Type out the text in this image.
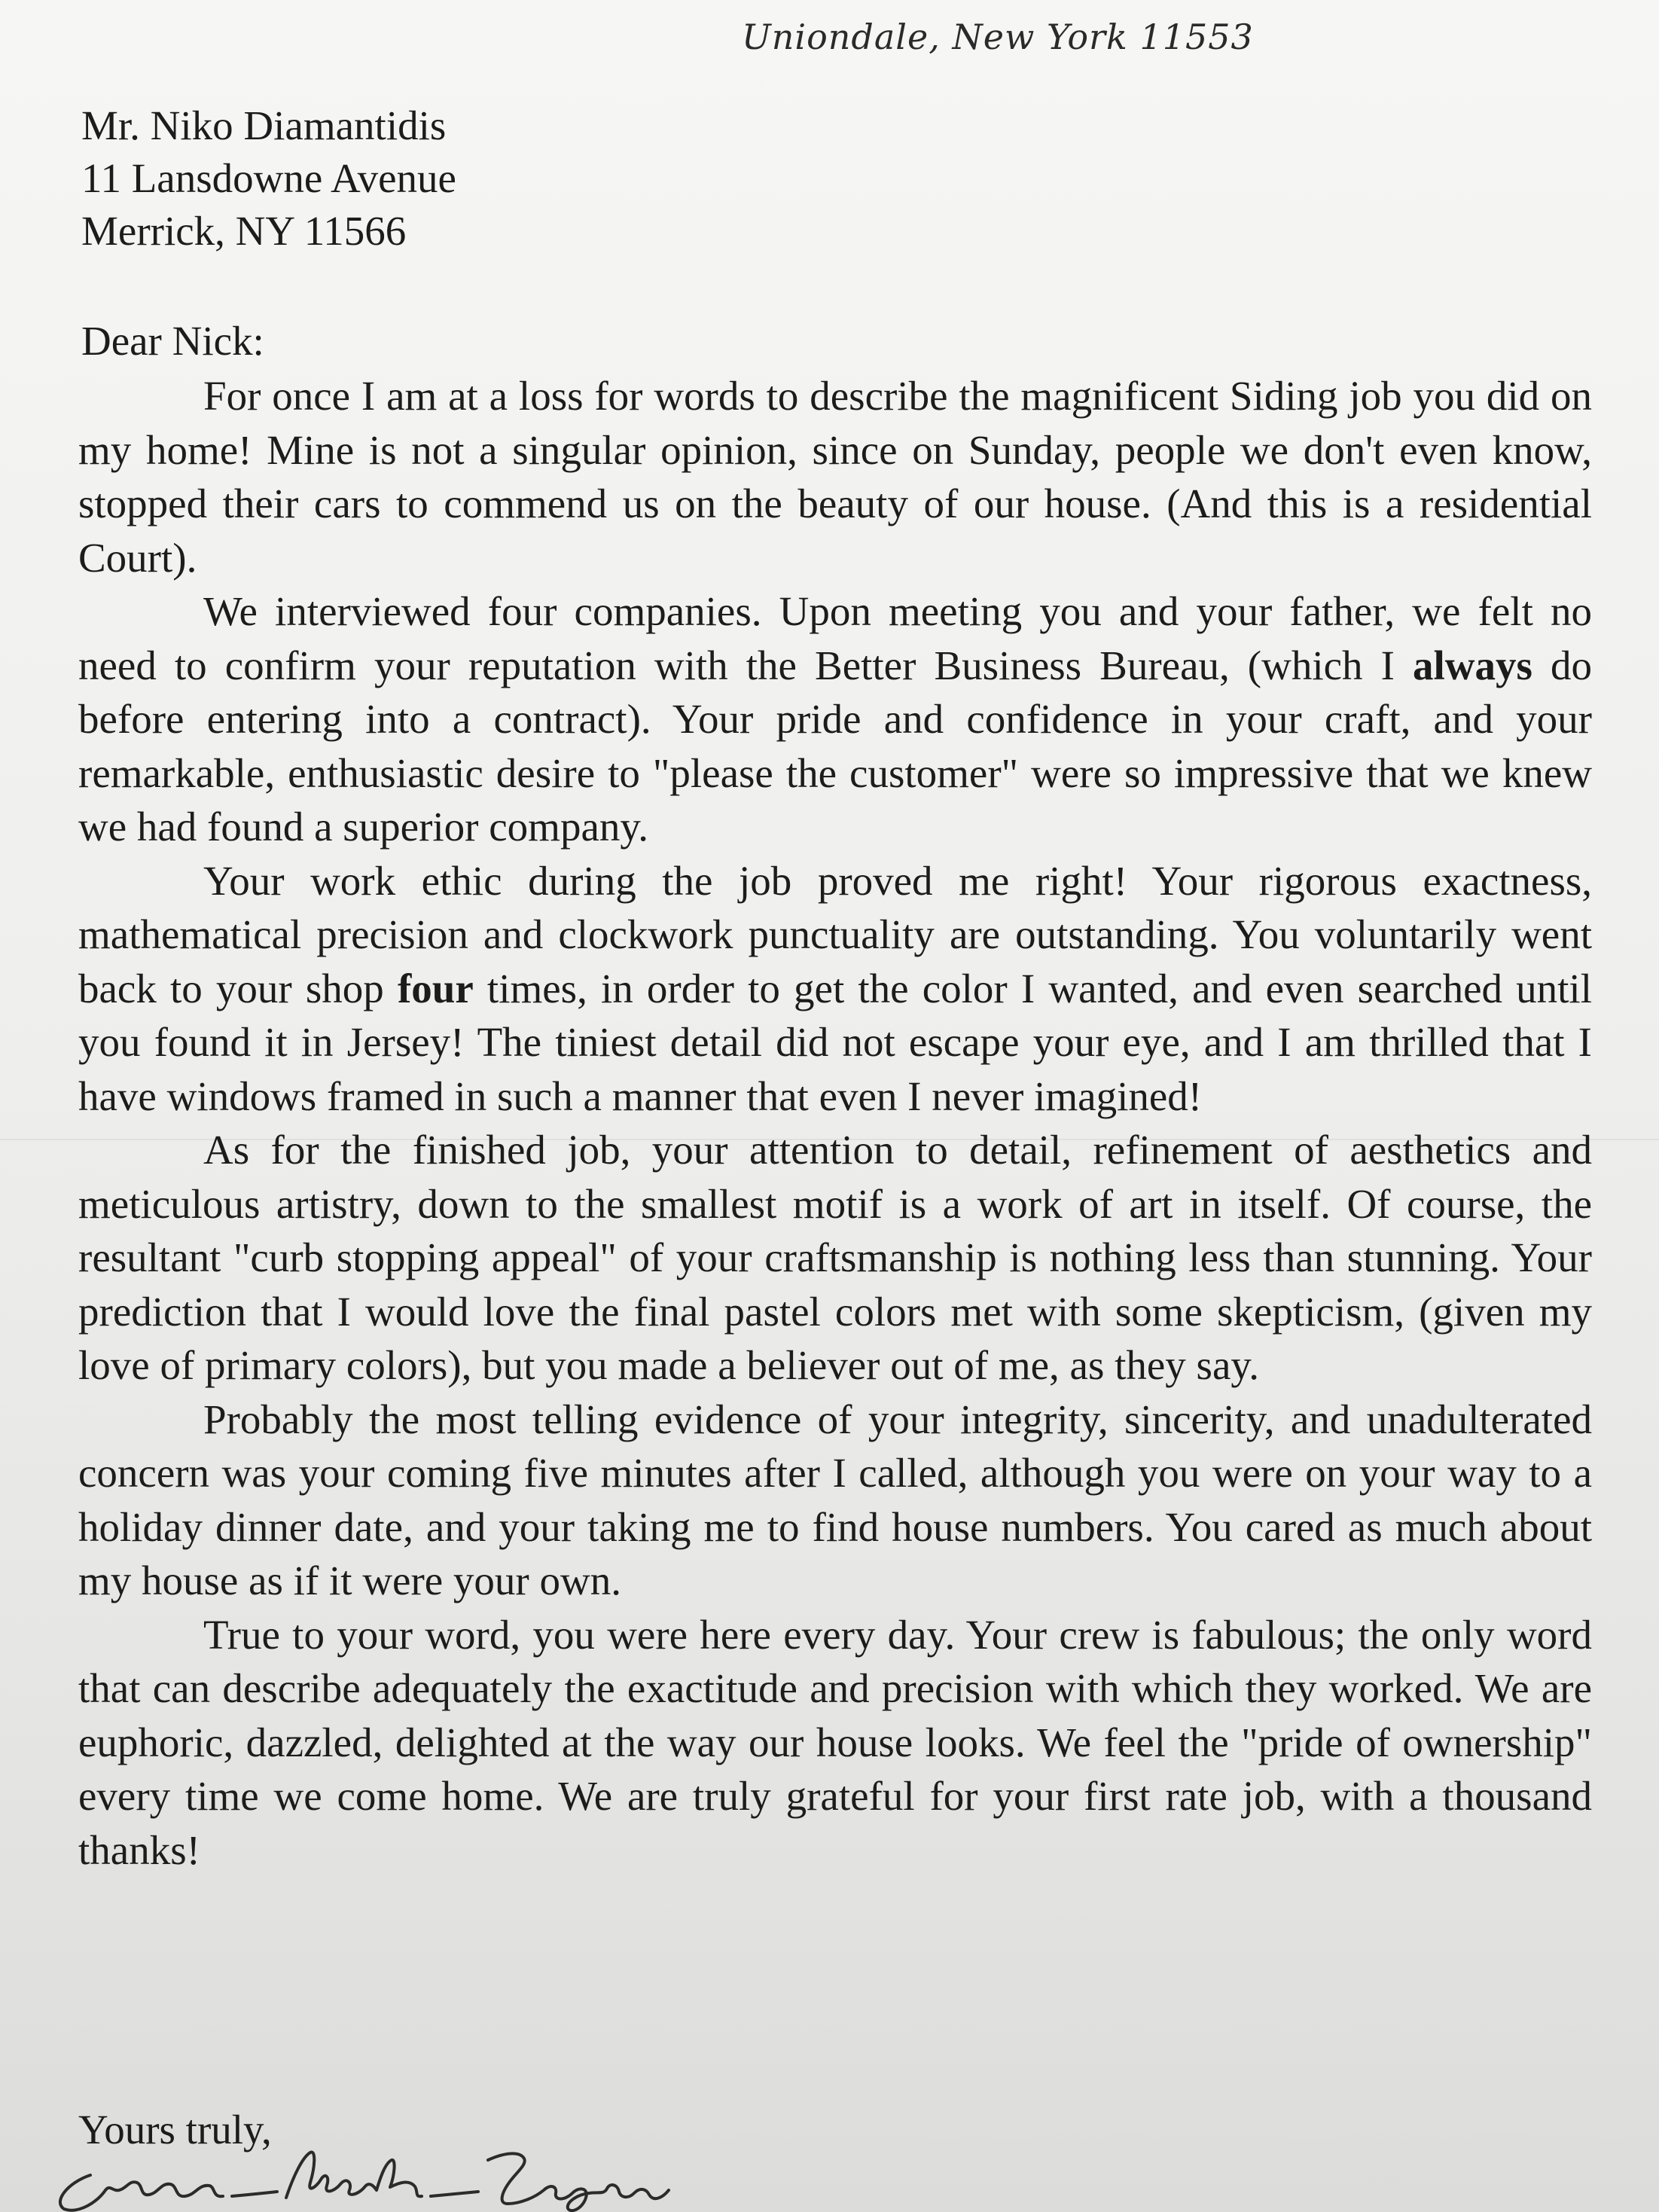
Uniondale, New York 11553
Mr. Niko Diamantidis
11 Lansdowne Avenue
Merrick, NY 11566
Dear Nick:

For once I am at a loss for words to describe the magnificent Siding job you did on my home! Mine is not a singular opinion, since on Sunday, people we don't even know, stopped their cars to commend us on the beauty of our house. (And this is a residential Court).

We interviewed four companies. Upon meeting you and your father, we felt no need to confirm your reputation with the Better Business Bureau, (which I always do before entering into a contract). Your pride and confidence in your craft, and your remarkable, enthusiastic desire to "please the customer" were so impressive that we knew we had found a superior company.

Your work ethic during the job proved me right! Your rigorous exactness, mathematical precision and clockwork punctuality are outstanding. You voluntarily went back to your shop four times, in order to get the color I wanted, and even searched until you found it in Jersey! The tiniest detail did not escape your eye, and I am thrilled that I have windows framed in such a manner that even I never imagined!

As for the finished job, your attention to detail, refinement of aesthetics and meticulous artistry, down to the smallest motif is a work of art in itself. Of course, the resultant "curb stopping appeal" of your craftsmanship is nothing less than stunning. Your prediction that I would love the final pastel colors met with some skepticism, (given my love of primary colors), but you made a believer out of me, as they say.

Probably the most telling evidence of your integrity, sincerity, and unadulterated concern was your coming five minutes after I called, although you were on your way to a holiday dinner date, and your taking me to find house numbers. You cared as much about my house as if it were your own.

True to your word, you were here every day. Your crew is fabulous; the only word that can describe adequately the exactitude and precision with which they worked. We are euphoric, dazzled, delighted at the way our house looks. We feel the "pride of ownership" every time we come home. We are truly grateful for your first rate job, with a thousand thanks!

Yours truly,
